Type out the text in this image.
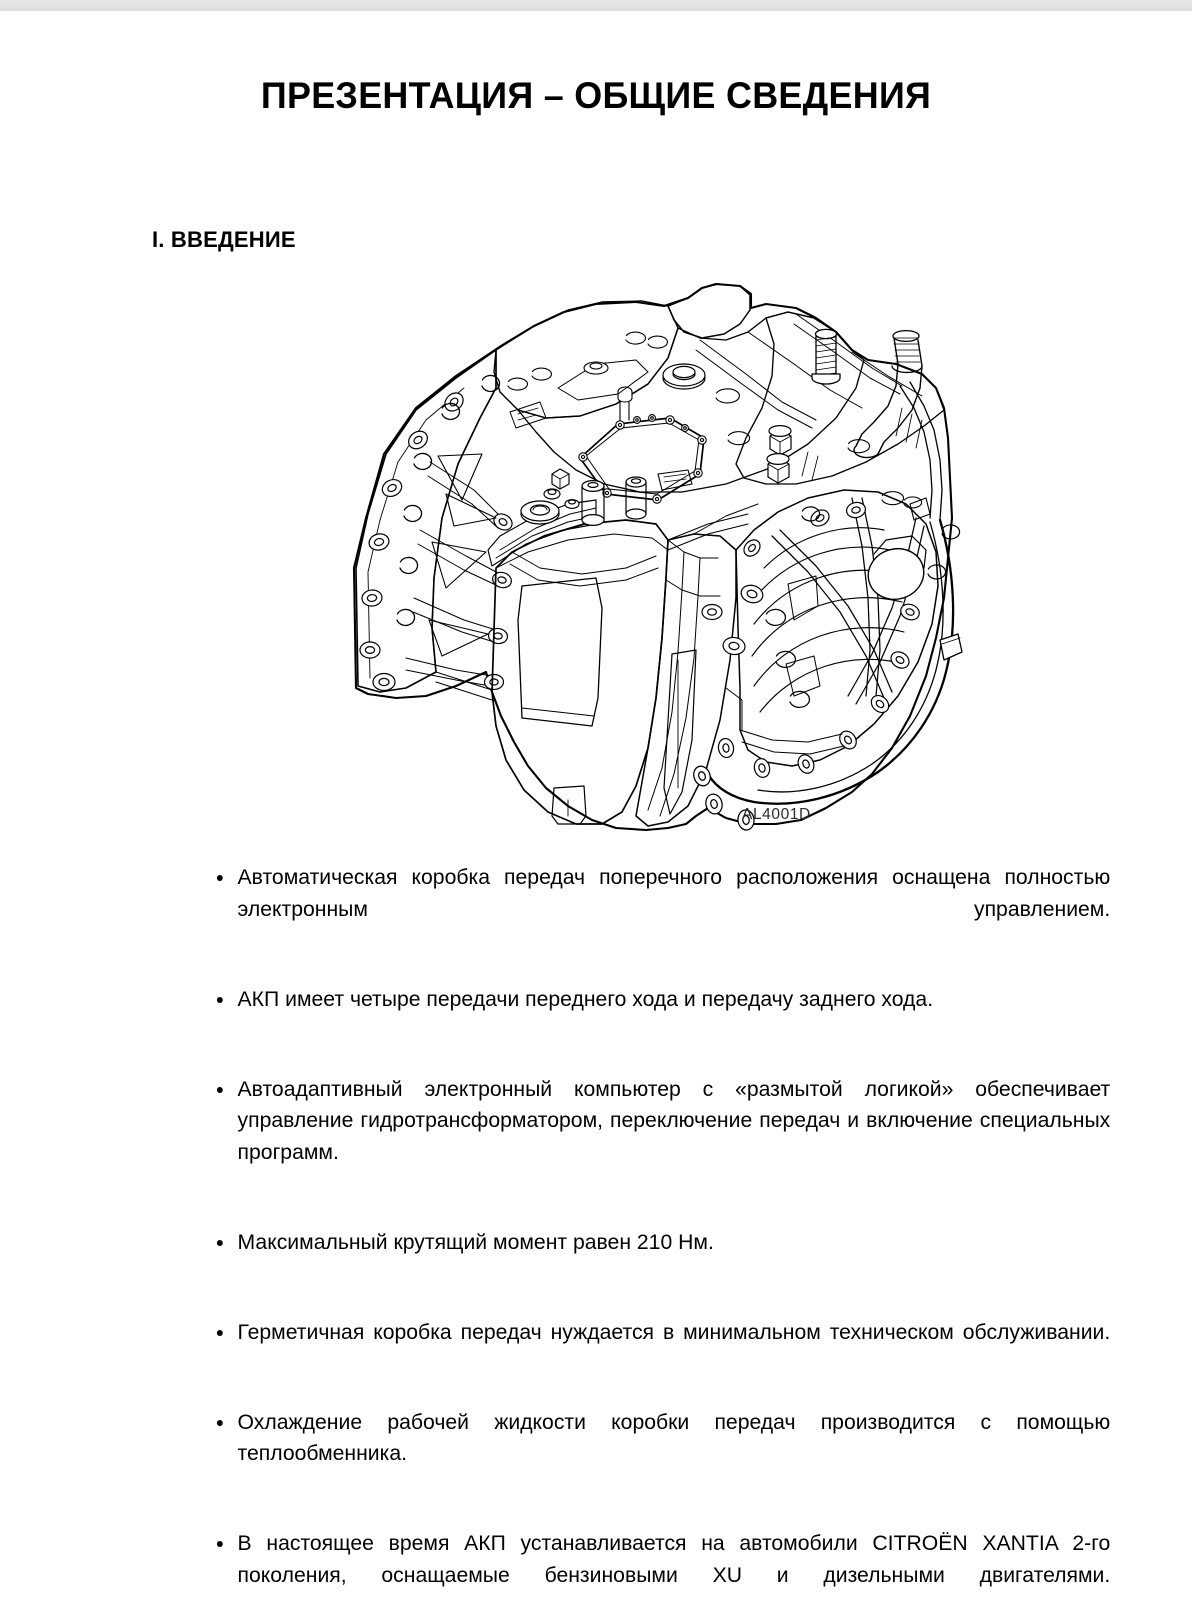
ПРЕЗЕНТАЦИЯ – ОБЩИЕ СВЕДЕНИЯ
I. ВВЕДЕНИЕ
AL4001D
Автоматическая коробка передач поперечного расположения оснащена полностью электронным управлением.
АКП имеет четыре передачи переднего хода и передачу заднего хода.
Автоадаптивный электронный компьютер с «размытой логикой» обеспечивает управление гидротрансформатором, переключение передач и включение специальных программ.
Максимальный крутящий момент равен 210 Нм.
Герметичная коробка передач нуждается в минимальном техническом обслуживании.
Охлаждение рабочей жидкости коробки передач производится с помощью теплообменника.
В настоящее время АКП устанавливается на автомобили CITROËN XANTIA 2-го поколения, оснащаемые бензиновыми XU и дизельными двигателями.
